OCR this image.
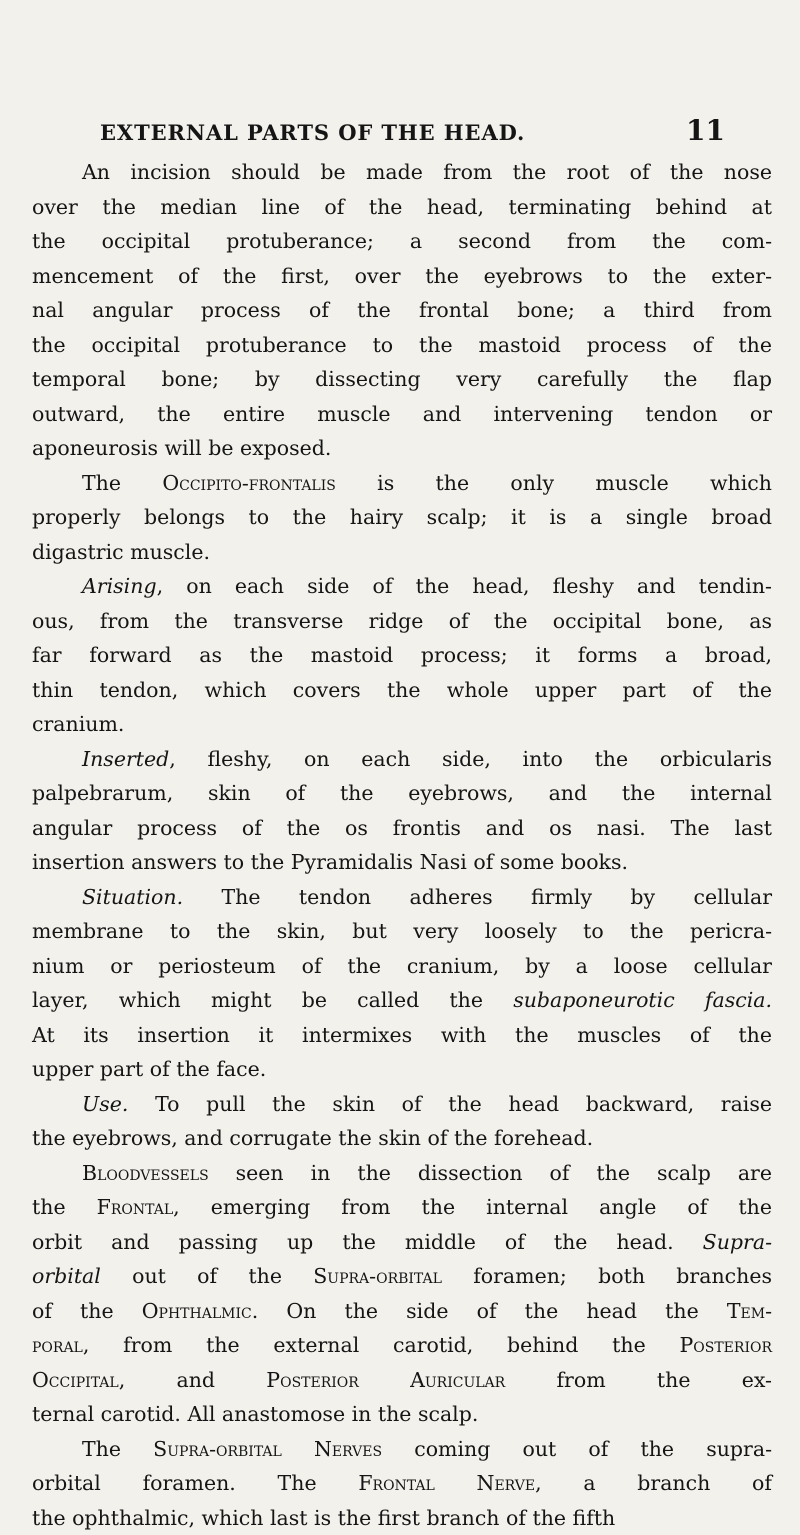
EXTERNAL PARTS OF THE HEAD.	11
An incision should be made from the root of the nose
over the median line of the head, terminating behind at
the occipital protuberance; a second from the com-
mencement of the first, over the eyebrows to the exter-
nal angular process of the frontal bone; a third from
the occipital protuberance to the mastoid process of the
temporal bone; by dissecting very carefully the flap
outward, the entire muscle and intervening tendon or
aponeurosis will be exposed.
The Occipito-frontalis is the only muscle which
properly belongs to the hairy scalp; it is a single broad
digastric muscle.
Arising, on each side of the head, fleshy and tendin-
ous, from the transverse ridge of the occipital bone, as
far forward as the mastoid process; it forms a broad,
thin tendon, which covers the whole upper part of the
cranium.
Inserted, fleshy, on each side, into the orbicularis
palpebrarum, skin of the eyebrows, and the internal
angular process of the os frontis and os nasi. The last
insertion answers to the Pyramidalis Nasi of some books.
Situation. The tendon adheres firmly by cellular
membrane to the skin, but very loosely to the pericra-
nium or periosteum of the cranium, by a loose cellular
layer, which might be called the subaponeurotic fascia.
At its insertion it intermixes with the muscles of the
upper part of the face.
Use. To pull the skin of the head backward, raise
the eyebrows, and corrugate the skin of the forehead.
Bloodvessels seen in the dissection of the scalp are
the Frontal, emerging from the internal angle of the
orbit and passing up the middle of the head. Supra-
orbital out of the Supra-orbital foramen; both branches
of the Ophthalmic. On the side of the head the Tem-
poral, from the external carotid, behind the Posterior
Occipital, and Posterior Auricular from the ex-
ternal carotid. All anastomose in the scalp.
The Supra-orbital Nerves coming out of the supra-
orbital foramen. The Frontal Nerve, a branch of
the ophthalmic, which last is the first branch of the fifth
